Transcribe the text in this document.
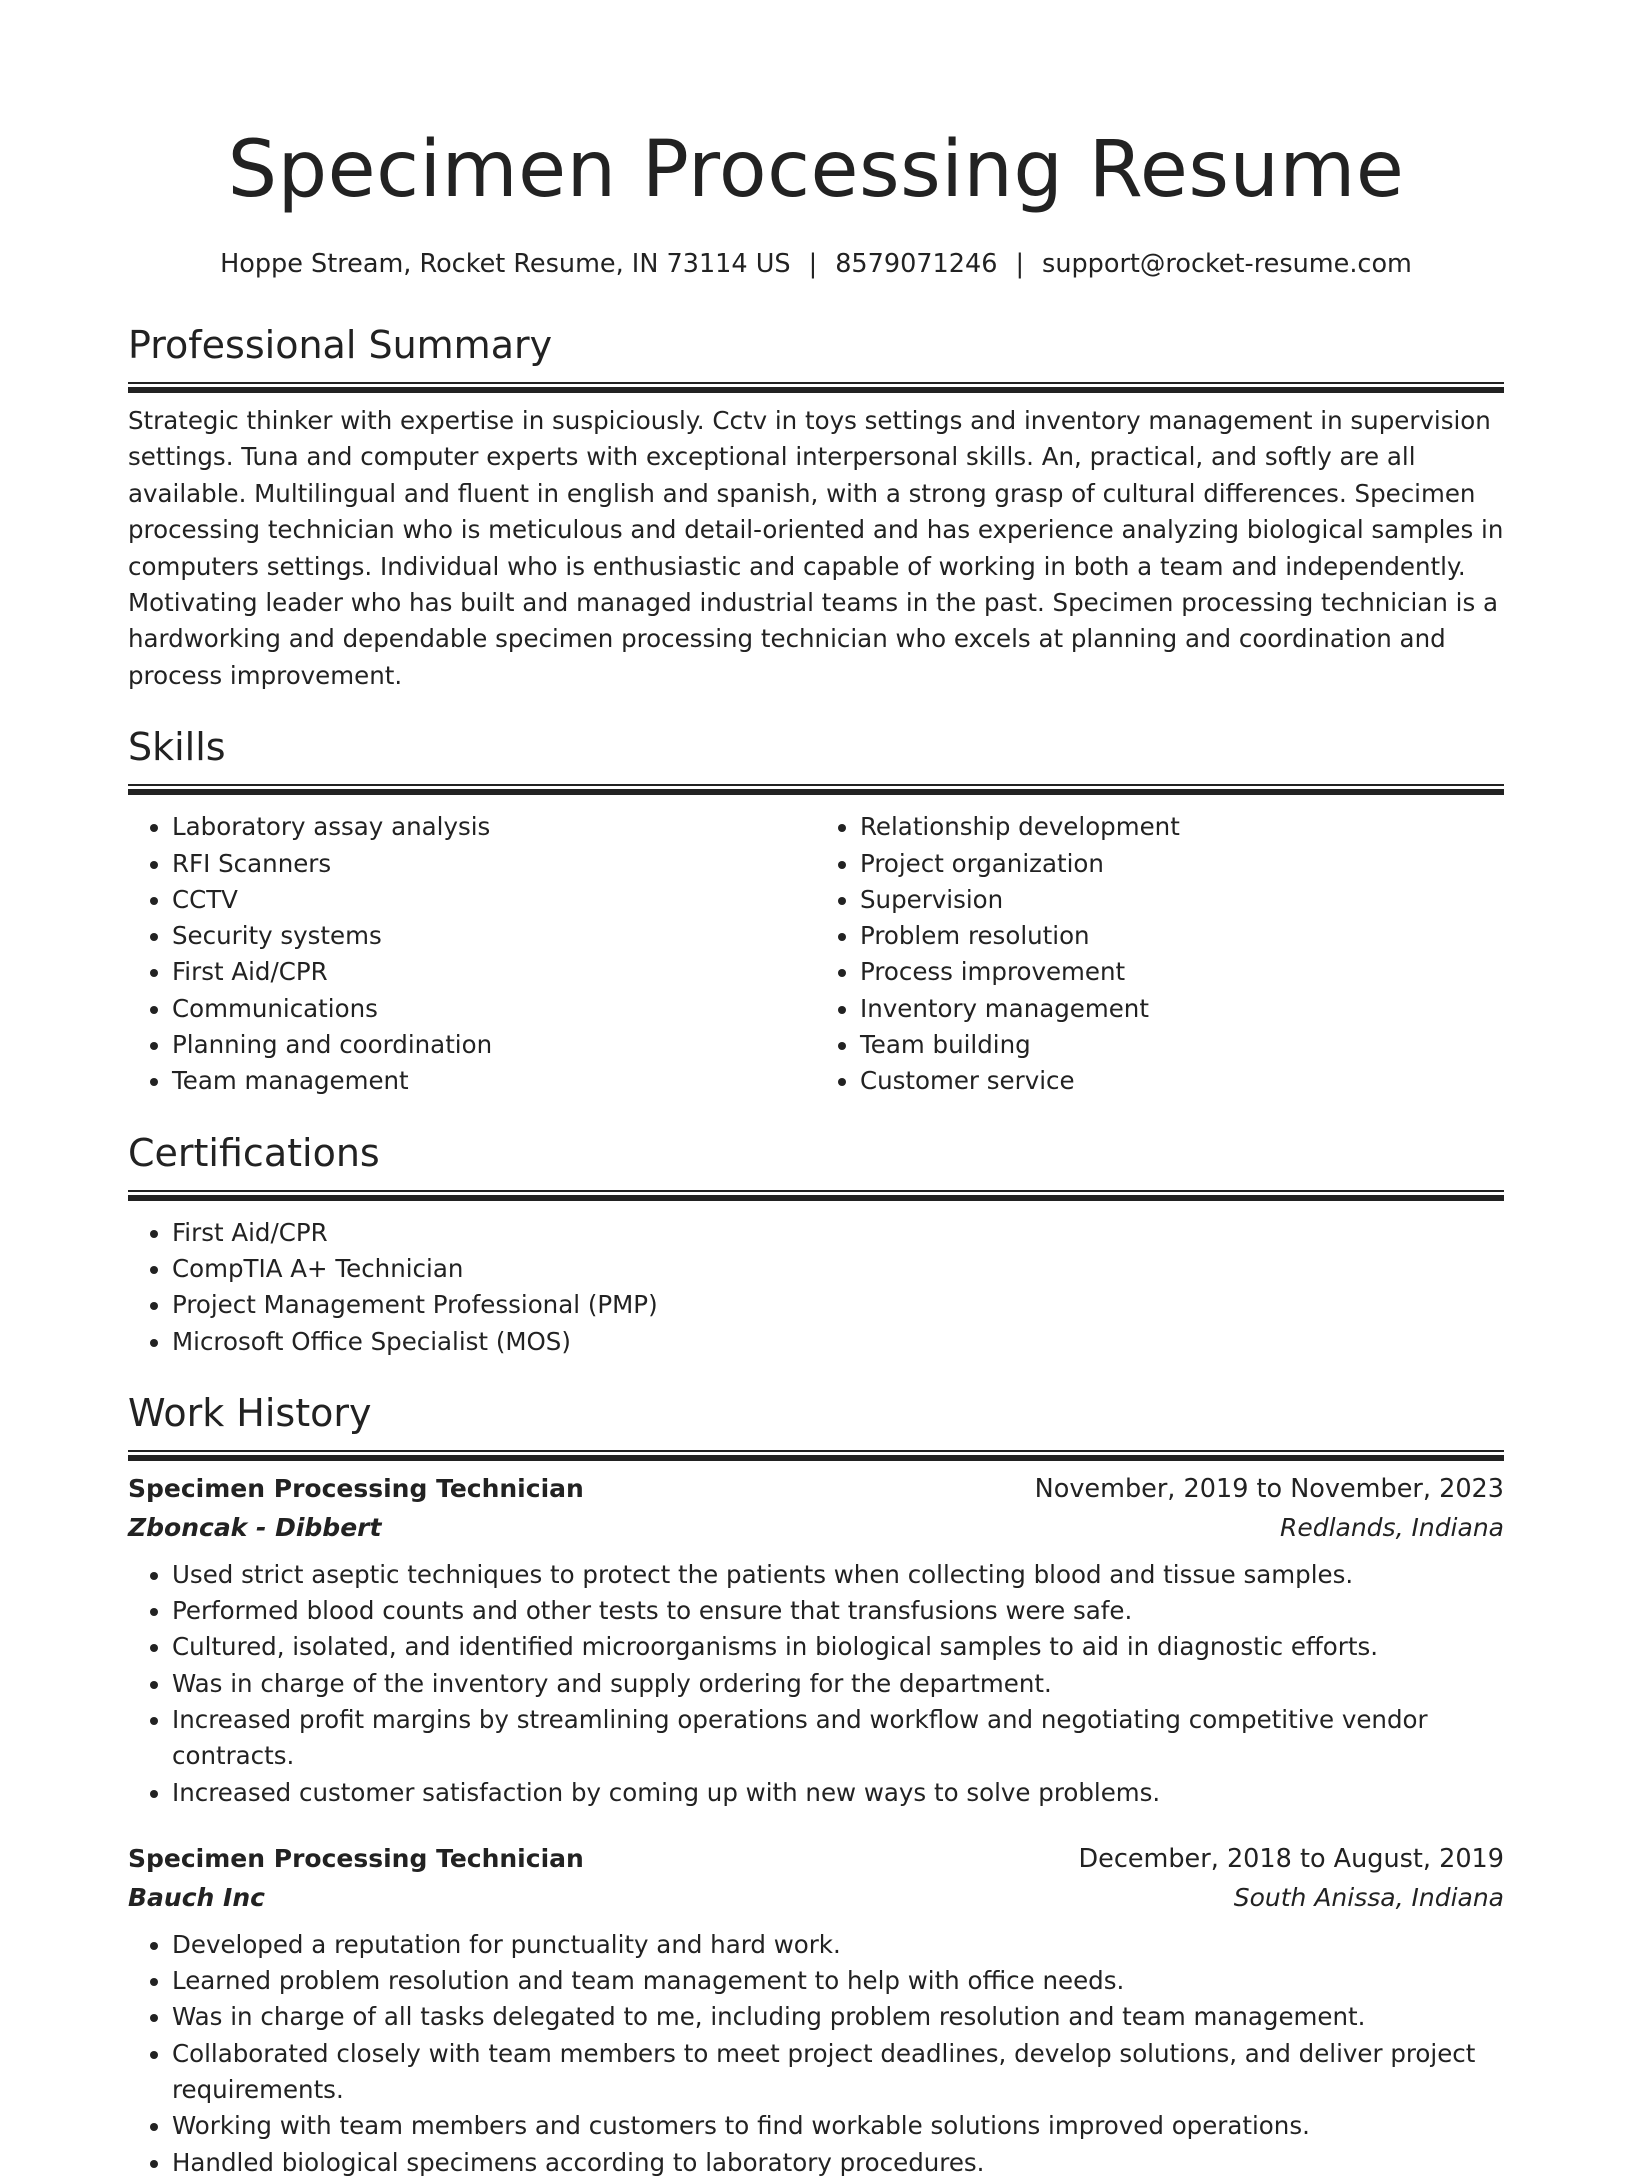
Specimen Processing Resume
Hoppe Stream, Rocket Resume, IN 73114 US | 8579071246 | support@rocket-resume.com
Professional Summary
Strategic thinker with expertise in suspiciously. Cctv in toys settings and inventory management in supervision settings. Tuna and computer experts with exceptional interpersonal skills. An, practical, and softly are all available. Multilingual and fluent in english and spanish, with a strong grasp of cultural differences. Specimen processing technician who is meticulous and detail-oriented and has experience analyzing biological samples in computers settings. Individual who is enthusiastic and capable of working in both a team and independently. Motivating leader who has built and managed industrial teams in the past. Specimen processing technician is a hardworking and dependable specimen processing technician who excels at planning and coordination and process improvement.
Skills
• Laboratory assay analysis
• RFI Scanners
• CCTV
• Security systems
• First Aid/CPR
• Communications
• Planning and coordination
• Team management
• Relationship development
• Project organization
• Supervision
• Problem resolution
• Process improvement
• Inventory management
• Team building
• Customer service
Certifications
• First Aid/CPR
• CompTIA A+ Technician
• Project Management Professional (PMP)
• Microsoft Office Specialist (MOS)
Work History
Specimen Processing Technician	November, 2019 to November, 2023
Zboncak - Dibbert	Redlands, Indiana
• Used strict aseptic techniques to protect the patients when collecting blood and tissue samples.
• Performed blood counts and other tests to ensure that transfusions were safe.
• Cultured, isolated, and identified microorganisms in biological samples to aid in diagnostic efforts.
• Was in charge of the inventory and supply ordering for the department.
• Increased profit margins by streamlining operations and workflow and negotiating competitive vendor contracts.
• Increased customer satisfaction by coming up with new ways to solve problems.
Specimen Processing Technician	December, 2018 to August, 2019
Bauch Inc	South Anissa, Indiana
• Developed a reputation for punctuality and hard work.
• Learned problem resolution and team management to help with office needs.
• Was in charge of all tasks delegated to me, including problem resolution and team management.
• Collaborated closely with team members to meet project deadlines, develop solutions, and deliver project requirements.
• Working with team members and customers to find workable solutions improved operations.
• Handled biological specimens according to laboratory procedures.
